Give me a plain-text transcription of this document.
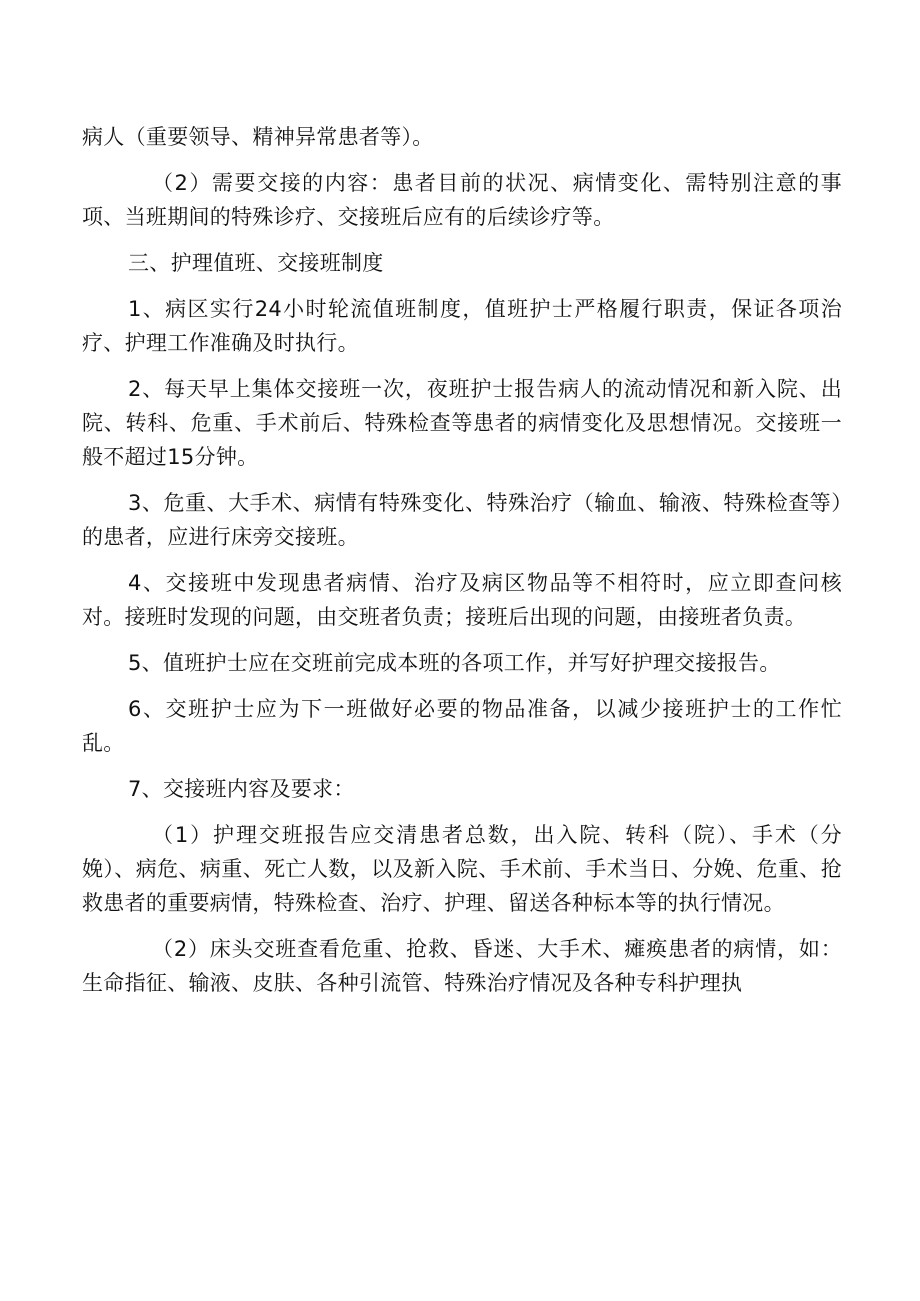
病人（重要领导、精神异常患者等）。

（2）需要交接的内容：患者目前的状况、病情变化、需特别注意的事项、当班期间的特殊诊疗、交接班后应有的后续诊疗等。

三、护理值班、交接班制度

1、病区实行24小时轮流值班制度，值班护士严格履行职责，保证各项治疗、护理工作准确及时执行。

2、每天早上集体交接班一次，夜班护士报告病人的流动情况和新入院、出院、转科、危重、手术前后、特殊检查等患者的病情变化及思想情况。交接班一般不超过15分钟。

3、危重、大手术、病情有特殊变化、特殊治疗（输血、输液、特殊检查等）的患者，应进行床旁交接班。

4、交接班中发现患者病情、治疗及病区物品等不相符时，应立即查问核对。接班时发现的问题，由交班者负责；接班后出现的问题，由接班者负责。

5、值班护士应在交班前完成本班的各项工作，并写好护理交接报告。

6、交班护士应为下一班做好必要的物品准备，以减少接班护士的工作忙乱。

7、交接班内容及要求：

（1）护理交班报告应交清患者总数，出入院、转科（院）、手术（分娩）、病危、病重、死亡人数，以及新入院、手术前、手术当日、分娩、危重、抢救患者的重要病情，特殊检查、治疗、护理、留送各种标本等的执行情况。

（2）床头交班查看危重、抢救、昏迷、大手术、瘫痪患者的病情，如：生命指征、输液、皮肤、各种引流管、特殊治疗情况及各种专科护理执
